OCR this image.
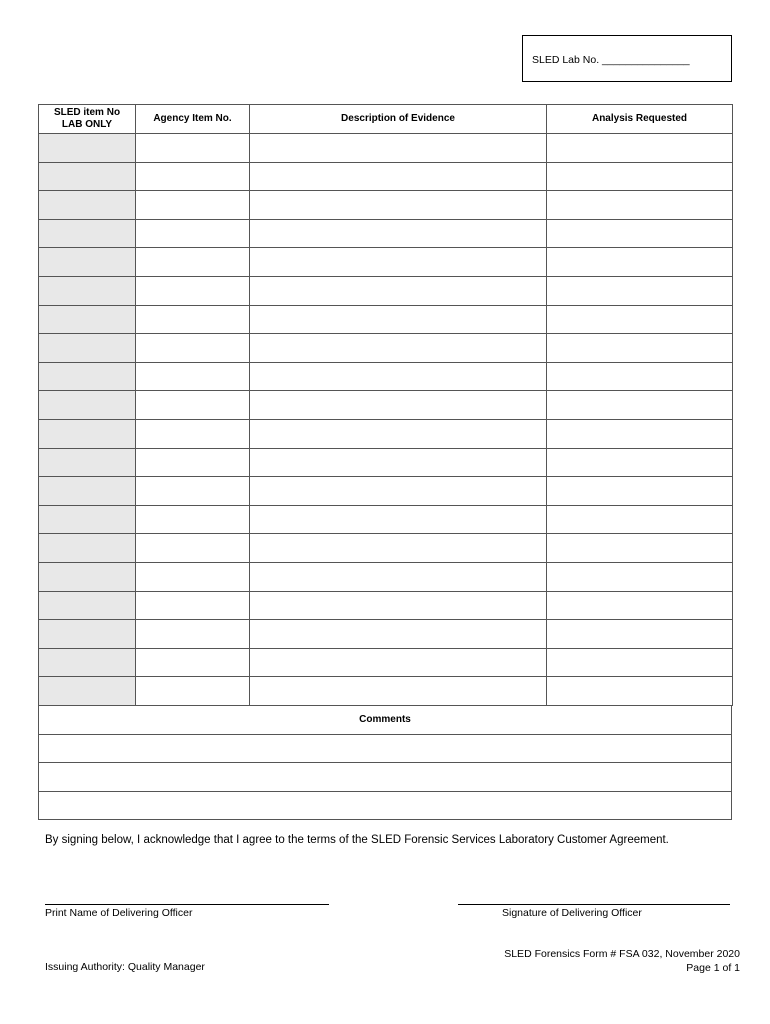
SLED Lab No. _______________
SLED item No
LAB ONLY	Agency Item No.	Description of Evidence	Analysis Requested

Comments

By signing below, I acknowledge that I agree to the terms of the SLED Forensic Services Laboratory Customer Agreement.
Print Name of Delivering Officer	Signature of Delivering Officer
Issuing Authority: Quality Manager
SLED Forensics Form # FSA 032, November 2020
Page 1 of 1
